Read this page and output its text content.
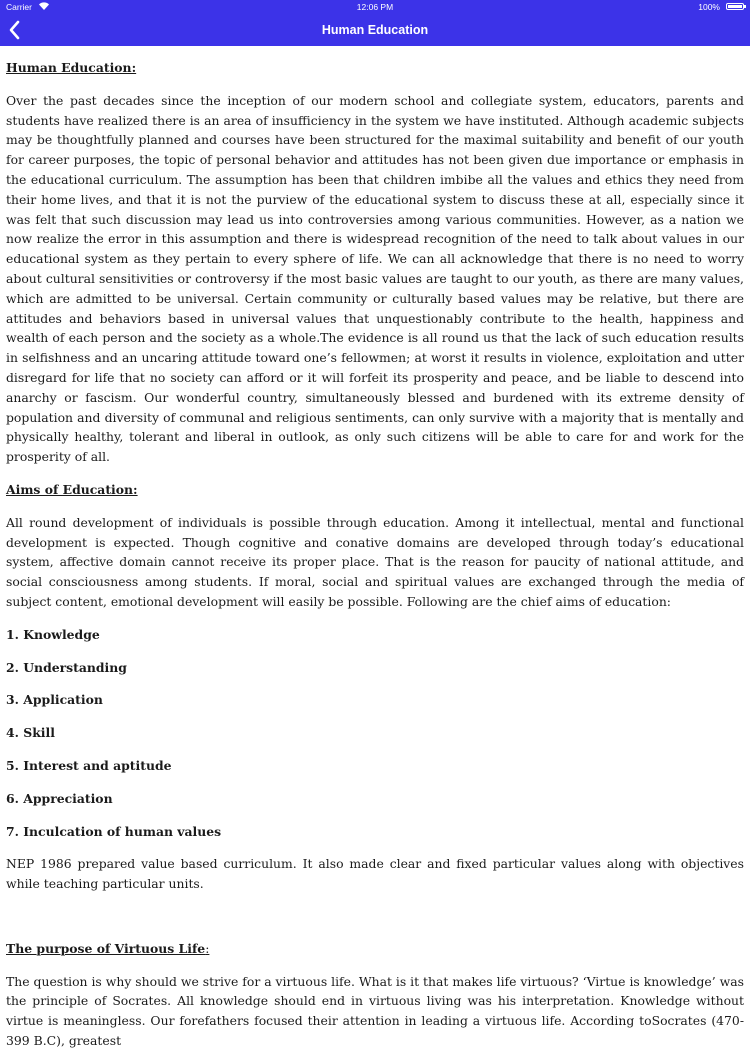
Carrier	12:06 PM	100%
Human Education
Human Education:

Over the past decades since the inception of our modern school and collegiate system, educators, parents and students have realized there is an area of insufficiency in the system we have instituted. Although academic subjects may be thoughtfully planned and courses have been structured for the maximal suitability and benefit of our youth for career purposes, the topic of personal behavior and attitudes has not been given due importance or emphasis in the educational curriculum. The assumption has been that children imbibe all the values and ethics they need from their home lives, and that it is not the purview of the educational system to discuss these at all, especially since it was felt that such discussion may lead us into controversies among various communities. However, as a nation we now realize the error in this assumption and there is widespread recognition of the need to talk about values in our educational system as they pertain to every sphere of life. We can all acknowledge that there is no need to worry about cultural sensitivities or controversy if the most basic values are taught to our youth, as there are many values, which are admitted to be universal. Certain community or culturally based values may be relative, but there are attitudes and behaviors based in universal values that unquestionably contribute to the health, happiness and wealth of each person and the society as a whole.The evidence is all round us that the lack of such education results in selfishness and an uncaring attitude toward one’s fellowmen; at worst it results in violence, exploitation and utter disregard for life that no society can afford or it will forfeit its prosperity and peace, and be liable to descend into anarchy or fascism. Our wonderful country, simultaneously blessed and burdened with its extreme density of population and diversity of communal and religious sentiments, can only survive with a majority that is mentally and physically healthy, tolerant and liberal in outlook, as only such citizens will be able to care for and work for the prosperity of all.

Aims of Education:

All round development of individuals is possible through education. Among it intellectual, mental and functional development is expected. Though cognitive and conative domains are developed through today’s educational system, affective domain cannot receive its proper place. That is the reason for paucity of national attitude, and social consciousness among students. If moral, social and spiritual values are exchanged through the media of subject content, emotional development will easily be possible. Following are the chief aims of education:

1. Knowledge
2. Understanding
3. Application
4. Skill
5. Interest and aptitude
6. Appreciation
7. Inculcation of human values

NEP 1986 prepared value based curriculum. It also made clear and fixed particular values along with objectives while teaching particular units.

The purpose of Virtuous Life:

The question is why should we strive for a virtuous life. What is it that makes life virtuous? ‘Virtue is knowledge’ was the principle of Socrates. All knowledge should end in virtuous living was his interpretation. Knowledge without virtue is meaningless. Our forefathers focused their attention in leading a virtuous life. According toSocrates (470-399 B.C), greatest
